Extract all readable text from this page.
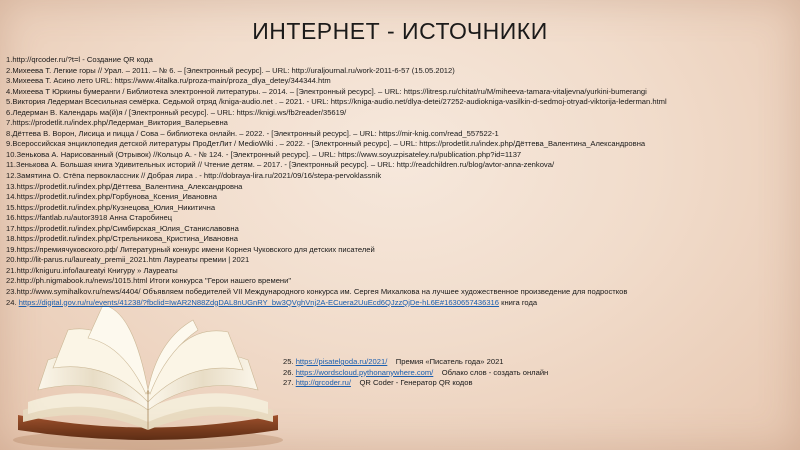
ИНТЕРНЕТ - ИСТОЧНИКИ
1.http://qrcoder.ru/?t=l - Создание QR кода
2.Михеева Т. Легкие горы // Урал. – 2011. – № 6. – [Электронный ресурс]. – URL: http://uraljournal.ru/work-2011-6-57 (15.05.2012)
3.Михеева Т. Асино лето URL: https://www.4italka.ru/proza-main/proza_dlya_detey/344344.htm
4.Михеева Т Юркины бумеранги / Библиотека электронной литературы. – 2014. – [Электронный ресурс]. – URL: https://litresp.ru/chitat/ru/M/miheeva-tamara-vitaljevna/yurkini-bumerangi
5.Виктория Ледерман Всесильная семёрка. Седьмой отряд /kniga-audio.net . – 2021. - URL: https://kniga-audio.net/dlya-detei/27252-audiokniga-vasilkin-d-sedmoj-otryad-viktorija-lederman.html
6.Ледерман В. Календарь ма(й)я / [Электронный ресурс]. – URL: https://knigi.ws/fb2reader/35619/
7.https://prodetlit.ru/index.php/Ледерман_Виктория_Валерьевна
8.Дёттева В. Ворон, Лисица и пицца / Сова – библиотека онлайн. – 2022. - [Электронный ресурс]. – URL: https://mir-knig.com/read_557522-1
9.Всероссийская энциклопедия детской литературы ПроДетЛит / MedioWiki . – 2022. - [Электронный ресурс]. – URL: https://prodetlit.ru/index.php/Дёттева_Валентина_Александровна
10.Зенькова А. Нарисованный (Отрывок) //Кольцо А. - № 124. - [Электронный ресурс]. – URL: https://www.soyuzpisateley.ru/publication.php?id=1137
11.Зенькова А. Большая книга Удивительных историй // Чтение детям. – 2017. - [Электронный ресурс]. – URL: http://readchildren.ru/blog/avtor-anna-zenkova/
12.Замятина О. Стёпа первоклассник // Добрая лира . - http://dobraya-lira.ru/2021/09/16/stepa-pervoklassnik
13.https://prodetlit.ru/index.php/Дёттева_Валентина_Александровна
14.https://prodetlit.ru/index.php/Горбунова_Ксения_Ивановна
15.https://prodetlit.ru/index.php/Кузнецова_Юлия_Никитична
16.https://fantlab.ru/autor3918 Анна Старобинец
17.https://prodetlit.ru/index.php/Симбирская_Юлия_Станиславовна
18.https://prodetlit.ru/index.php/Стрельникова_Кристина_Ивановна
19.https://премиячуковского.рф/ Литературный конкурс имени Корнея Чуковского для детских писателей
20.http://lit-parus.ru/laureaty_premii_2021.htm Лауреаты премии | 2021
21.http://kniguru.info/laureatyi Книгуру » Лауреаты
22.http://ph.nigmabook.ru/news/1015.html Итоги конкурса "Герои нашего времени"
23.http://www.symihalkov.ru/news/4404/ Объявляем победителей VII Международного конкурса им. Сергея Михалкова на лучшее художественное произведение для подростков
24. https://digital.gov.ru/ru/events/41238/?fbclid=IwAR2N88ZdgDAL8nUGnRY_bw3QVghVnj2A-ECuera2UuEcd6QJzzQjDe-hL6E#1630657436316 книга года
25. https://pisatelgoda.ru/2021/ Премия «Писатель года» 2021
26. https://wordscloud.pythonanywhere.com/ Облако слов - создать онлайн
27. http://qrcoder.ru/ QR Coder - Генератор QR кодов
